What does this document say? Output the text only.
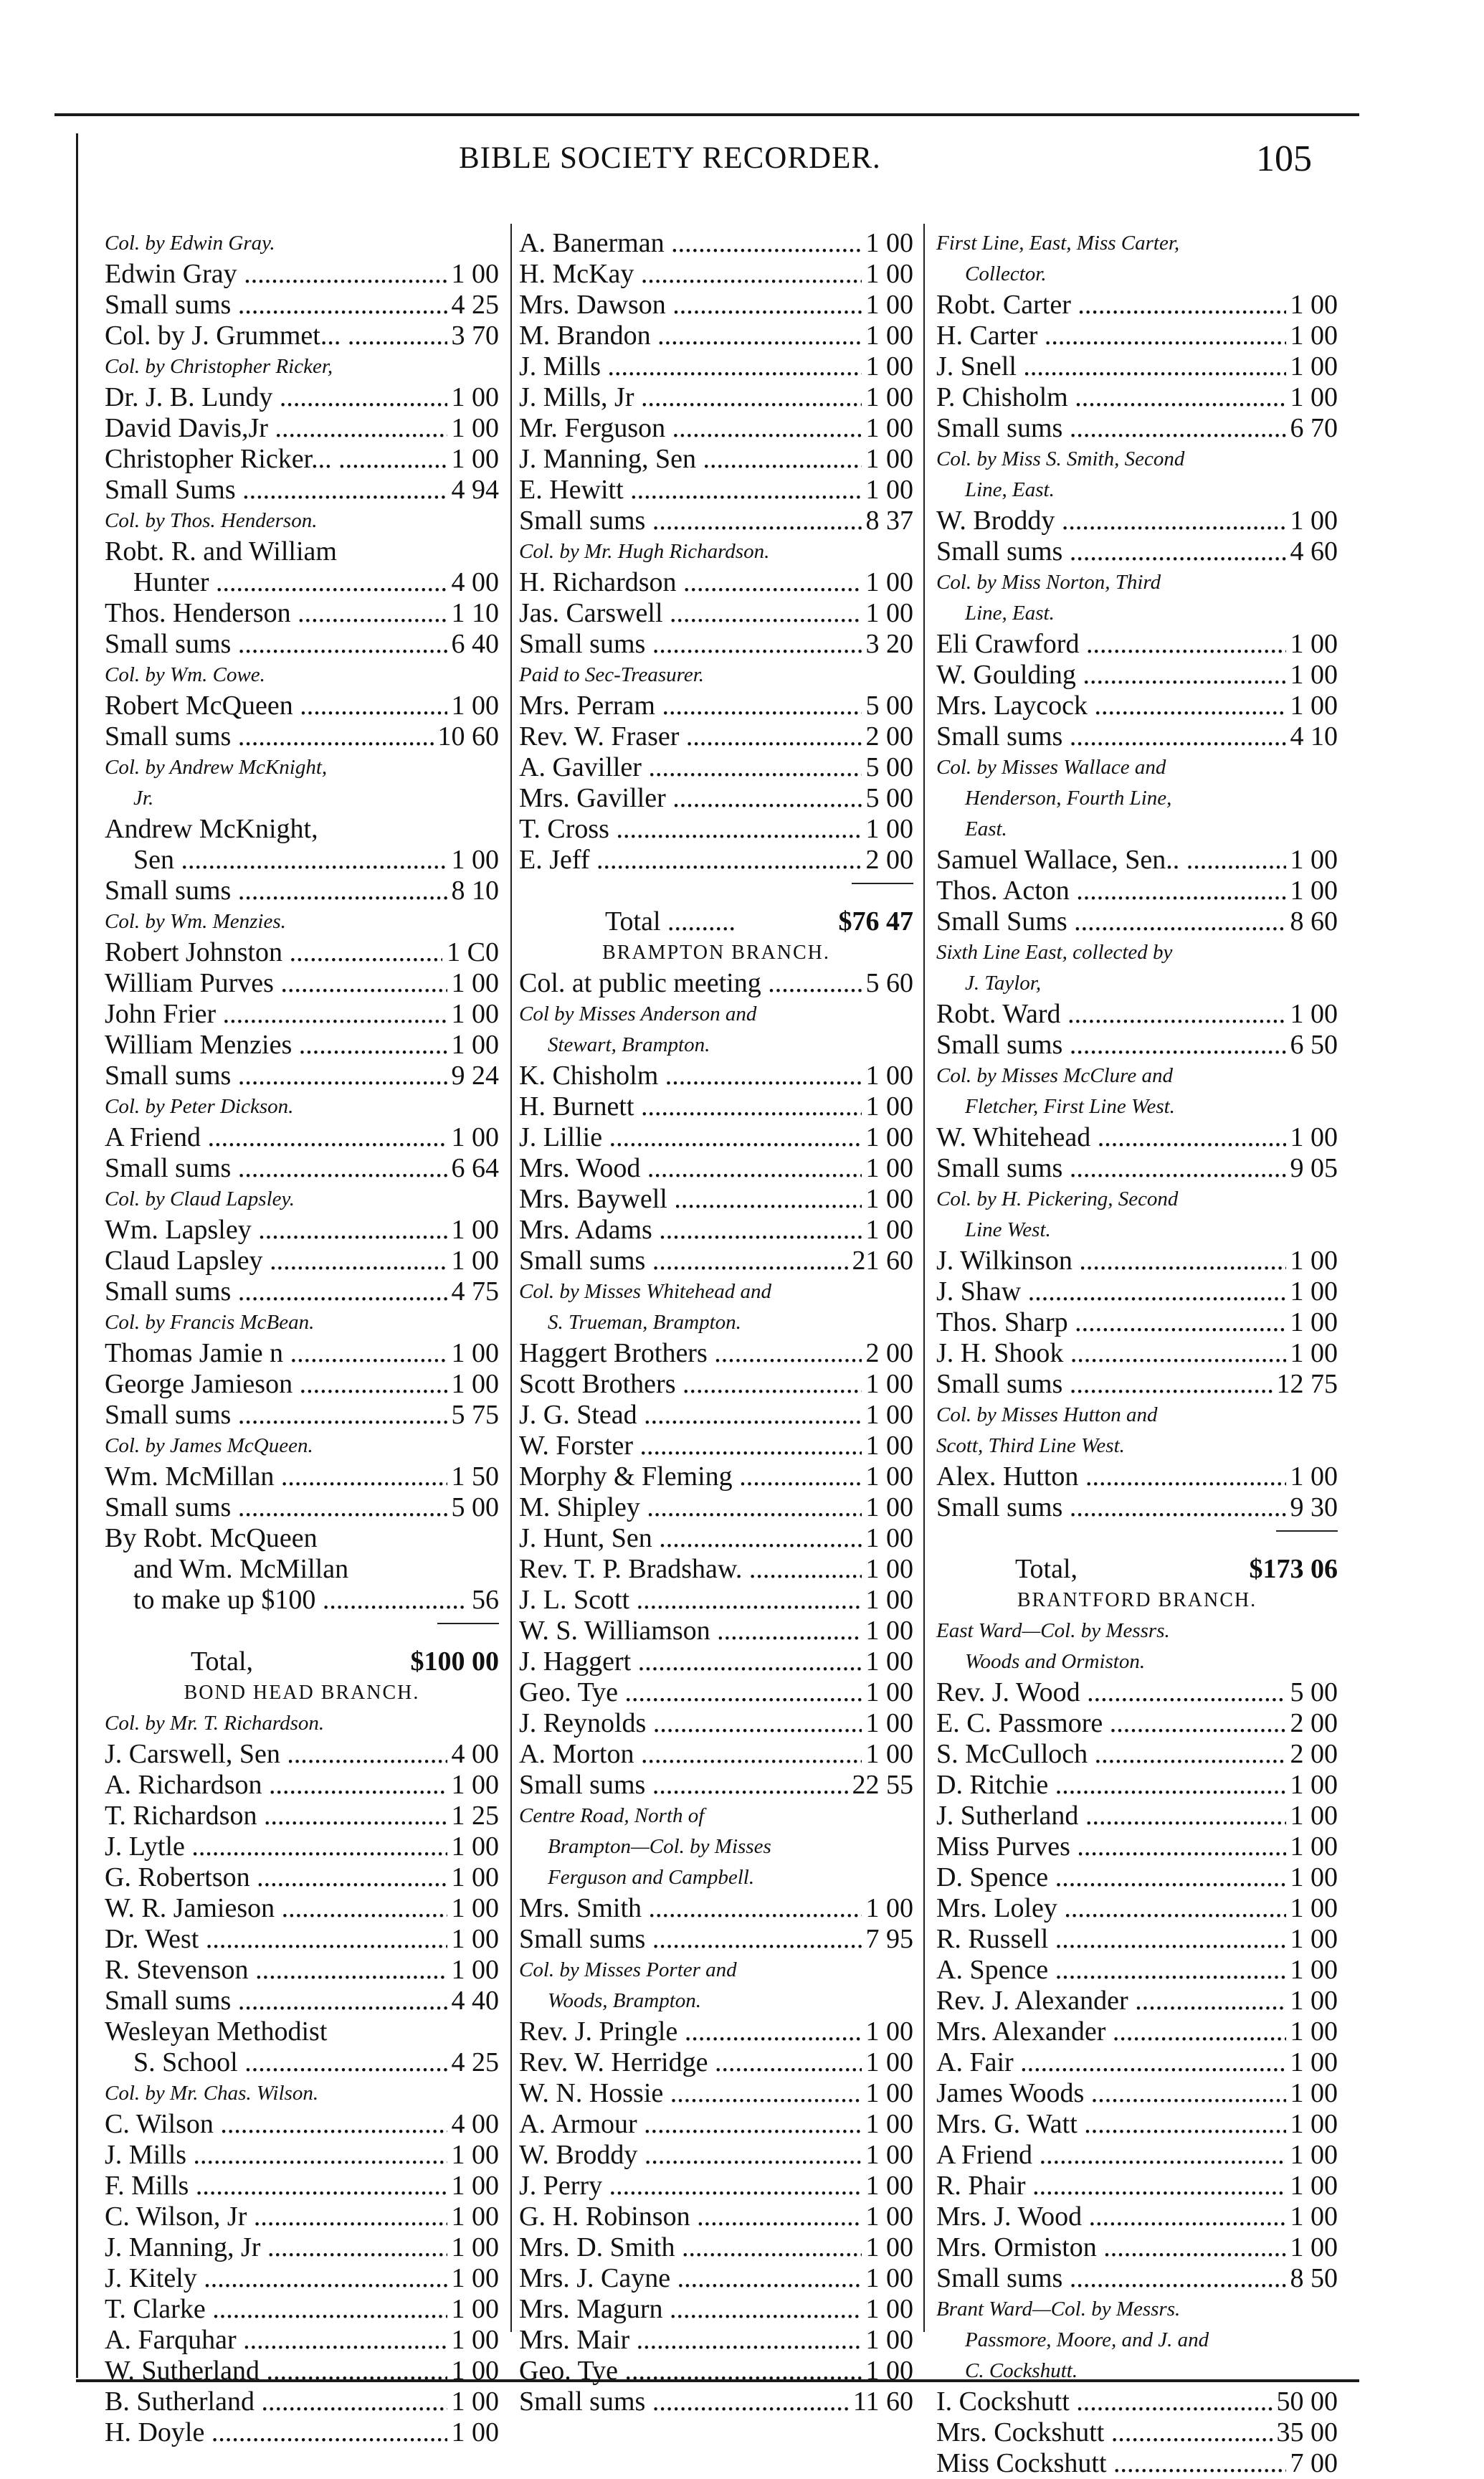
BIBLE SOCIETY RECORDER.	105
Col. by Edwin Gray.
Edwin Gray .....	1 00
Small sums .....	4 25
Col. by J. Grummet... .....	3 70
Col. by Christopher Ricker,
Dr. J. B. Lundy .....	1 00
David Davis,Jr .....	1 00
Christopher Ricker... .....	1 00
Small Sums .....	4 94
Col. by Thos. Henderson.
Robt. R. and William
Hunter .....	4 00
Thos. Henderson .....	1 10
Small sums .....	6 40
Col. by Wm. Cowe.
Robert McQueen .....	1 00
Small sums .....	10 60
Col. by Andrew McKnight,
Jr.
Andrew McKnight,
Sen .....	1 00
Small sums .....	8 10
Col. by Wm. Menzies.
Robert Johnston .....	1 C0
William Purves .....	1 00
John Frier .....	1 00
William Menzies .....	1 00
Small sums .....	9 24
Col. by Peter Dickson.
A Friend .....	1 00
Small sums .....	6 64
Col. by Claud Lapsley.
Wm. Lapsley .....	1 00
Claud Lapsley .....	1 00
Small sums .....	4 75
Col. by Francis McBean.
Thomas Jamie n .....	1 00
George Jamieson .....	1 00
Small sums .....	5 75
Col. by James McQueen.
Wm. McMillan .....	1 50
Small sums .....	5 00
By Robt. McQueen
and Wm. McMillan
to make up $100 .....	56
Total,	$100 00
BOND HEAD BRANCH.
Col. by Mr. T. Richardson.
J. Carswell, Sen .....	4 00
A. Richardson .....	1 00
T. Richardson .....	1 25
J. Lytle .....	1 00
G. Robertson .....	1 00
W. R. Jamieson .....	1 00
Dr. West .....	1 00
R. Stevenson .....	1 00
Small sums .....	4 40
Wesleyan Methodist
S. School .....	4 25
Col. by Mr. Chas. Wilson.
C. Wilson .....	4 00
J. Mills .....	1 00
F. Mills .....	1 00
C. Wilson, Jr .....	1 00
J. Manning, Jr .....	1 00
J. Kitely .....	1 00
T. Clarke .....	1 00
A. Farquhar .....	1 00
W. Sutherland .....	1 00
B. Sutherland .....	1 00
H. Doyle .....	1 00
A. Banerman .....	1 00
H. McKay .....	1 00
Mrs. Dawson .....	1 00
M. Brandon .....	1 00
J. Mills .....	1 00
J. Mills, Jr .....	1 00
Mr. Ferguson .....	1 00
J. Manning, Sen .....	1 00
E. Hewitt .....	1 00
Small sums .....	8 37
Col. by Mr. Hugh Richardson.
H. Richardson .....	1 00
Jas. Carswell .....	1 00
Small sums .....	3 20
Paid to Sec-Treasurer.
Mrs. Perram .....	5 00
Rev. W. Fraser .....	2 00
A. Gaviller .....	5 00
Mrs. Gaviller .....	5 00
T. Cross .....	1 00
E. Jeff .....	2 00
Total ..........	$76 47
BRAMPTON BRANCH.
Col. at public meeting .....	5 60
Col by Misses Anderson and
Stewart, Brampton.
K. Chisholm .....	1 00
H. Burnett .....	1 00
J. Lillie .....	1 00
Mrs. Wood .....	1 00
Mrs. Baywell .....	1 00
Mrs. Adams .....	1 00
Small sums .....	21 60
Col. by Misses Whitehead and
S. Trueman, Brampton.
Haggert Brothers .....	2 00
Scott Brothers .....	1 00
J. G. Stead .....	1 00
W. Forster .....	1 00
Morphy & Fleming .....	1 00
M. Shipley .....	1 00
J. Hunt, Sen .....	1 00
Rev. T. P. Bradshaw. .....	1 00
J. L. Scott .....	1 00
W. S. Williamson .....	1 00
J. Haggert .....	1 00
Geo. Tye .....	1 00
J. Reynolds .....	1 00
A. Morton .....	1 00
Small sums .....	22 55
Centre Road, North of
Brampton—Col. by Misses
Ferguson and Campbell.
Mrs. Smith .....	1 00
Small sums .....	7 95
Col. by Misses Porter and
Woods, Brampton.
Rev. J. Pringle .....	1 00
Rev. W. Herridge .....	1 00
W. N. Hossie .....	1 00
A. Armour .....	1 00
W. Broddy .....	1 00
J. Perry .....	1 00
G. H. Robinson .....	1 00
Mrs. D. Smith .....	1 00
Mrs. J. Cayne .....	1 00
Mrs. Magurn .....	1 00
Mrs. Mair .....	1 00
Geo. Tye .....	1 00
Small sums .....	11 60
First Line, East, Miss Carter,
Collector.
Robt. Carter .....	1 00
H. Carter .....	1 00
J. Snell .....	1 00
P. Chisholm .....	1 00
Small sums .....	6 70
Col. by Miss S. Smith, Second
Line, East.
W. Broddy .....	1 00
Small sums .....	4 60
Col. by Miss Norton, Third
Line, East.
Eli Crawford .....	1 00
W. Goulding .....	1 00
Mrs. Laycock .....	1 00
Small sums .....	4 10
Col. by Misses Wallace and
Henderson, Fourth Line,
East.
Samuel Wallace, Sen.. .....	1 00
Thos. Acton .....	1 00
Small Sums .....	8 60
Sixth Line East, collected by
J. Taylor,
Robt. Ward .....	1 00
Small sums .....	6 50
Col. by Misses McClure and
Fletcher, First Line West.
W. Whitehead .....	1 00
Small sums .....	9 05
Col. by H. Pickering, Second
Line West.
J. Wilkinson .....	1 00
J. Shaw .....	1 00
Thos. Sharp .....	1 00
J. H. Shook .....	1 00
Small sums .....	12 75
Col. by Misses Hutton and
Scott, Third Line West.
Alex. Hutton .....	1 00
Small sums .....	9 30
Total,	$173 06
BRANTFORD BRANCH.
East Ward—Col. by Messrs.
Woods and Ormiston.
Rev. J. Wood .....	5 00
E. C. Passmore .....	2 00
S. McCulloch .....	2 00
D. Ritchie .....	1 00
J. Sutherland .....	1 00
Miss Purves .....	1 00
D. Spence .....	1 00
Mrs. Loley .....	1 00
R. Russell .....	1 00
A. Spence .....	1 00
Rev. J. Alexander .....	1 00
Mrs. Alexander .....	1 00
A. Fair .....	1 00
James Woods .....	1 00
Mrs. G. Watt .....	1 00
A Friend .....	1 00
R. Phair .....	1 00
Mrs. J. Wood .....	1 00
Mrs. Ormiston .....	1 00
Small sums .....	8 50
Brant Ward—Col. by Messrs.
Passmore, Moore, and J. and
C. Cockshutt.
I. Cockshutt .....	50 00
Mrs. Cockshutt .....	35 00
Miss Cockshutt .....	7 00
